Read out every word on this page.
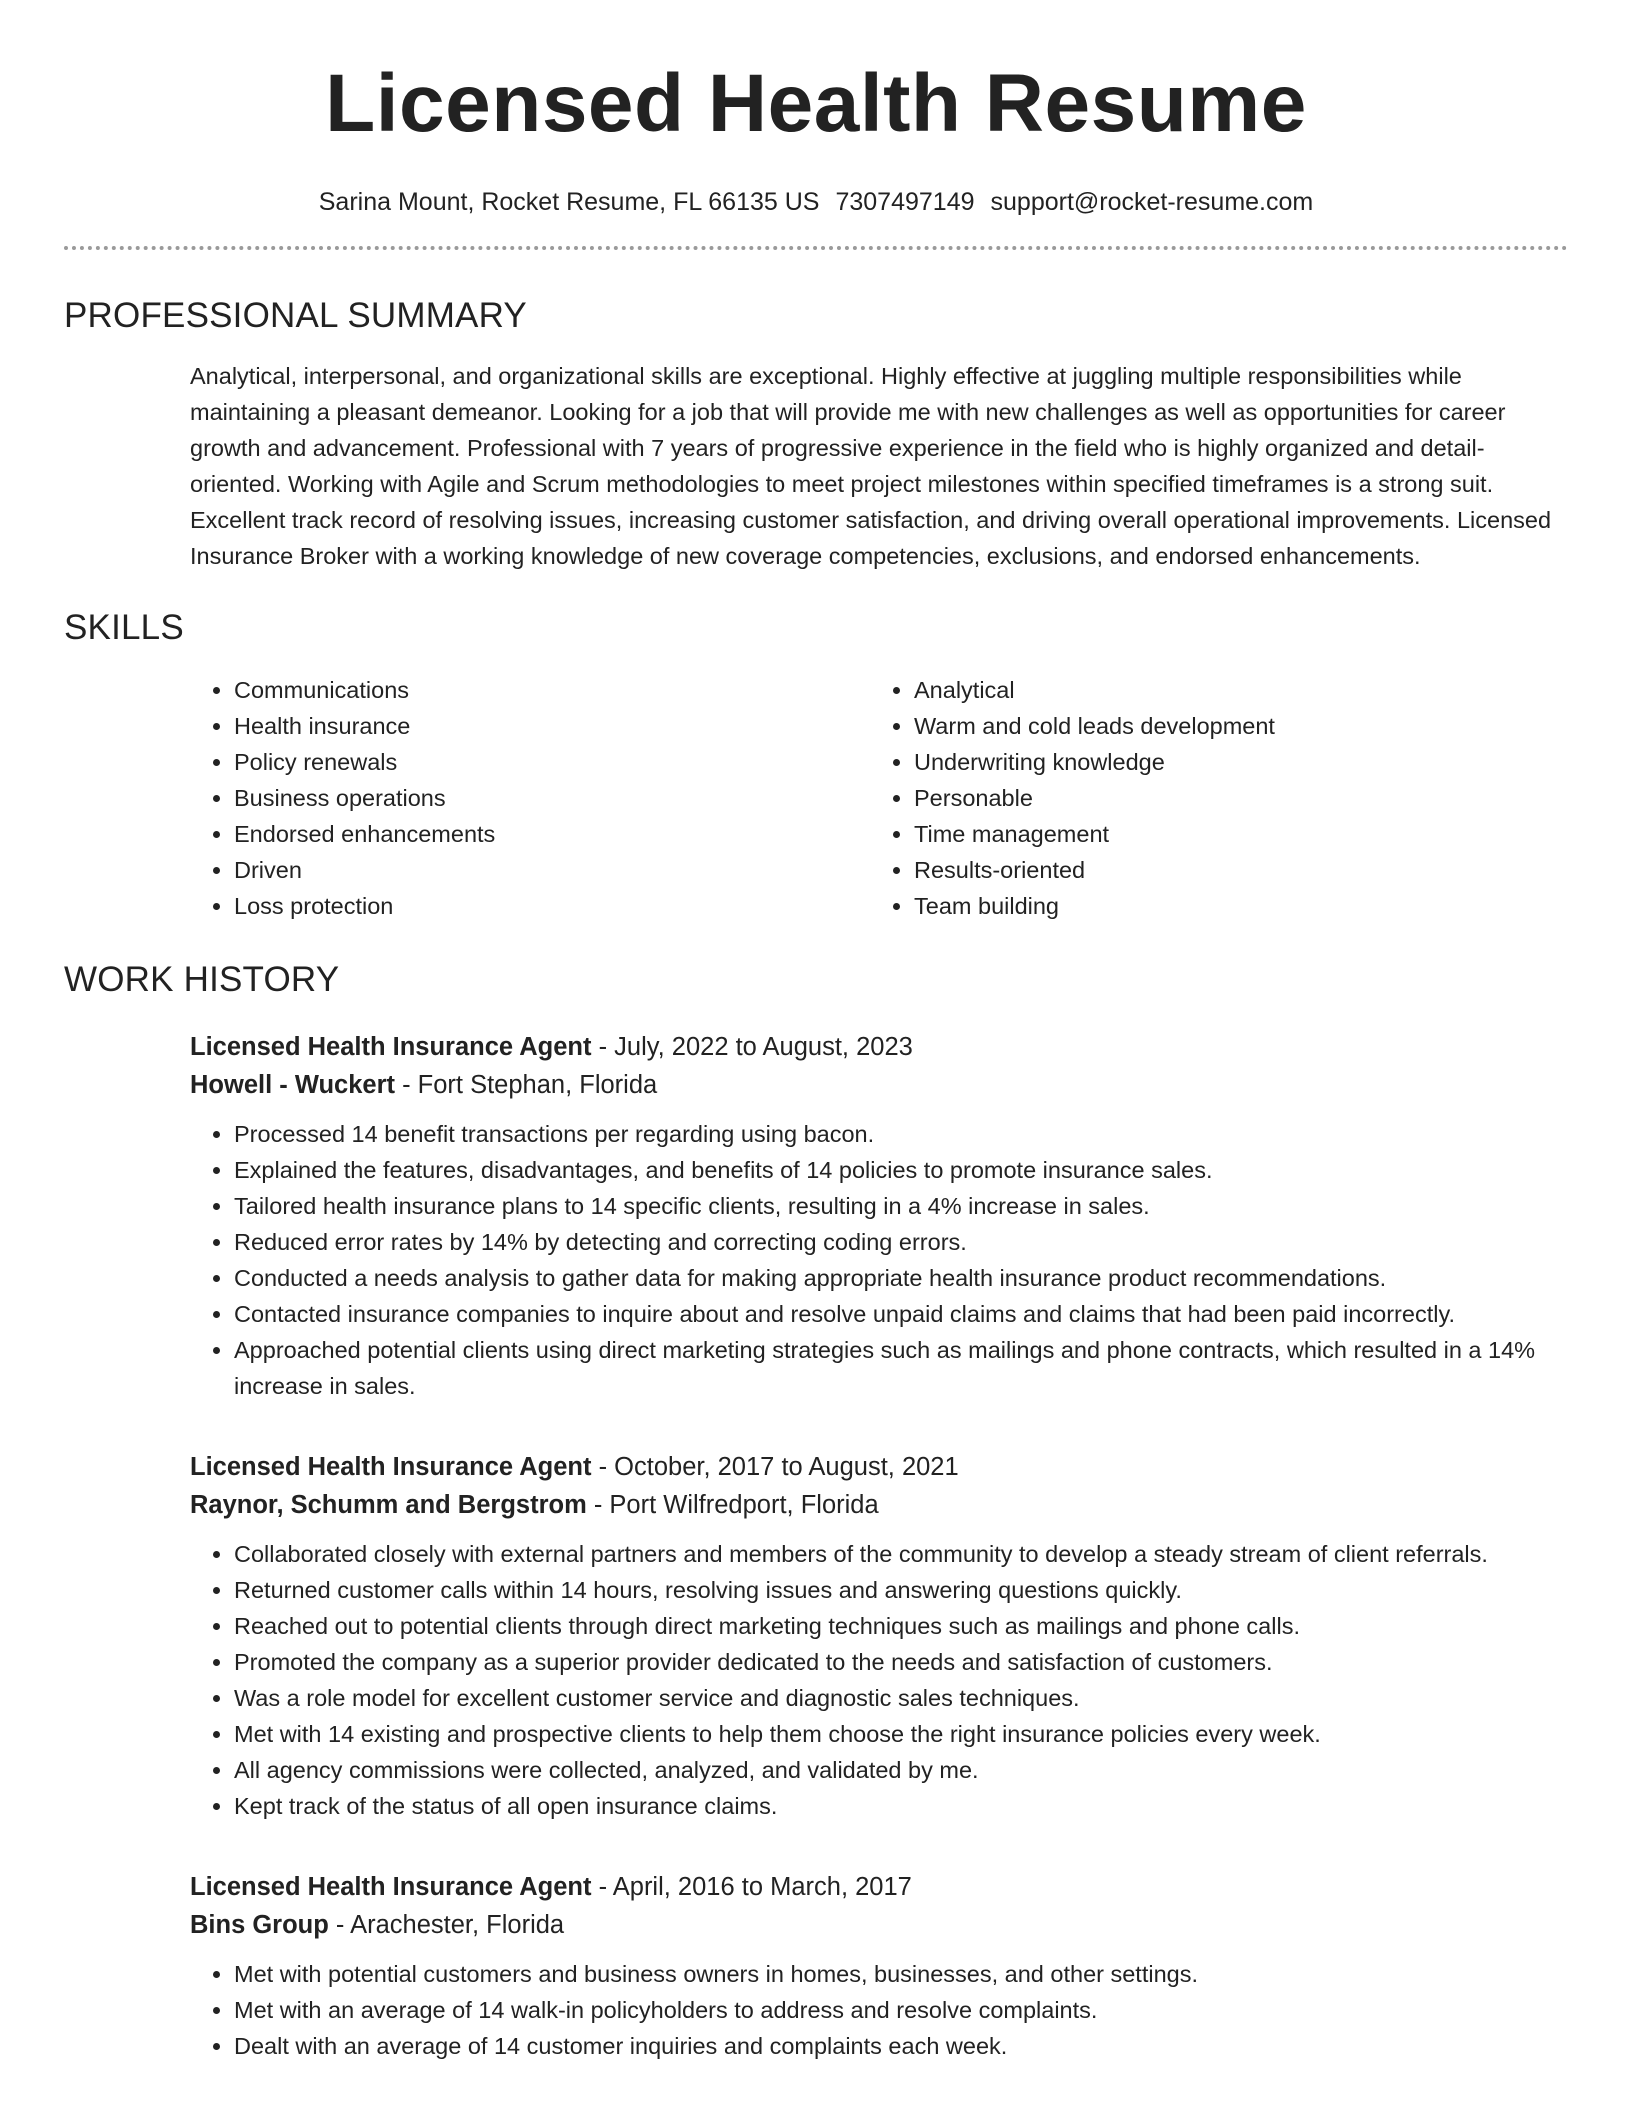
Licensed Health Resume
Sarina Mount, Rocket Resume, FL 66135 US 7307497149 support@rocket-resume.com
PROFESSIONAL SUMMARY
Analytical, interpersonal, and organizational skills are exceptional. Highly effective at juggling multiple responsibilities while maintaining a pleasant demeanor. Looking for a job that will provide me with new challenges as well as opportunities for career growth and advancement. Professional with 7 years of progressive experience in the field who is highly organized and detail-oriented. Working with Agile and Scrum methodologies to meet project milestones within specified timeframes is a strong suit. Excellent track record of resolving issues, increasing customer satisfaction, and driving overall operational improvements. Licensed Insurance Broker with a working knowledge of new coverage competencies, exclusions, and endorsed enhancements.
SKILLS
• Communications
• Health insurance
• Policy renewals
• Business operations
• Endorsed enhancements
• Driven
• Loss protection
• Analytical
• Warm and cold leads development
• Underwriting knowledge
• Personable
• Time management
• Results-oriented
• Team building
WORK HISTORY
Licensed Health Insurance Agent - July, 2022 to August, 2023
Howell - Wuckert - Fort Stephan, Florida
• Processed 14 benefit transactions per regarding using bacon.
• Explained the features, disadvantages, and benefits of 14 policies to promote insurance sales.
• Tailored health insurance plans to 14 specific clients, resulting in a 4% increase in sales.
• Reduced error rates by 14% by detecting and correcting coding errors.
• Conducted a needs analysis to gather data for making appropriate health insurance product recommendations.
• Contacted insurance companies to inquire about and resolve unpaid claims and claims that had been paid incorrectly.
• Approached potential clients using direct marketing strategies such as mailings and phone contracts, which resulted in a 14% increase in sales.
Licensed Health Insurance Agent - October, 2017 to August, 2021
Raynor, Schumm and Bergstrom - Port Wilfredport, Florida
• Collaborated closely with external partners and members of the community to develop a steady stream of client referrals.
• Returned customer calls within 14 hours, resolving issues and answering questions quickly.
• Reached out to potential clients through direct marketing techniques such as mailings and phone calls.
• Promoted the company as a superior provider dedicated to the needs and satisfaction of customers.
• Was a role model for excellent customer service and diagnostic sales techniques.
• Met with 14 existing and prospective clients to help them choose the right insurance policies every week.
• All agency commissions were collected, analyzed, and validated by me.
• Kept track of the status of all open insurance claims.
Licensed Health Insurance Agent - April, 2016 to March, 2017
Bins Group - Arachester, Florida
• Met with potential customers and business owners in homes, businesses, and other settings.
• Met with an average of 14 walk-in policyholders to address and resolve complaints.
• Dealt with an average of 14 customer inquiries and complaints each week.
